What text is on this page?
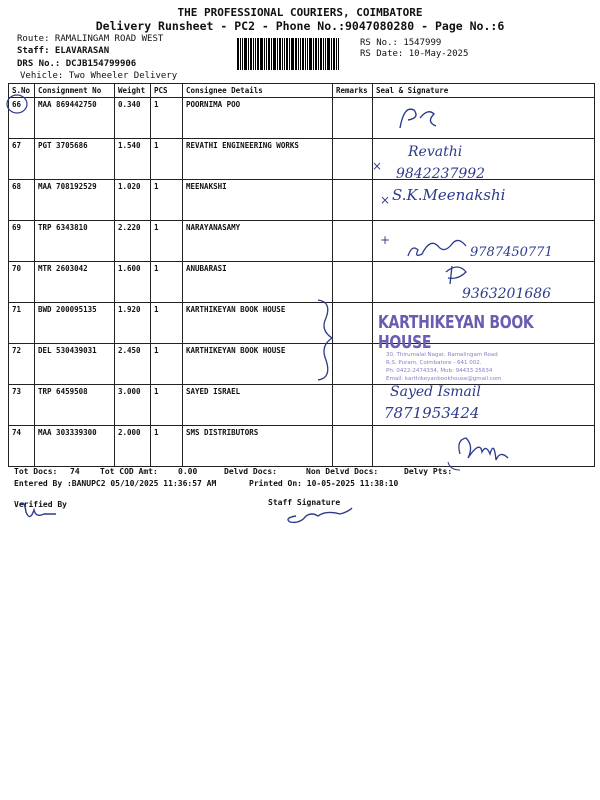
THE PROFESSIONAL COURIERS, COIMBATORE
Delivery Runsheet - PC2 - Phone No.:9047080280 - Page No.:6
Route: RAMALINGAM ROAD WEST
Staff: ELAVARASAN
DRS No.: DCJB154799906
Vehicle: Two Wheeler Delivery
RS No.: 1547999
RS Date: 10-May-2025
S.No	Consignment No	Weight	PCS	Consignee Details	Remarks	Seal & Signature
66	MAA 869442750	0.340	1	POORNIMA POO		
67	PGT 3705686	1.540	1	REVATHI ENGINEERING WORKS		
68	MAA 708192529	1.020	1	MEENAKSHI		
69	TRP 6343810	2.220	1	NARAYANASAMY		
70	MTR 2603042	1.600	1	ANUBARASI		
71	BWD 200095135	1.920	1	KARTHIKEYAN BOOK HOUSE		
72	DEL 530439031	2.450	1	KARTHIKEYAN BOOK HOUSE		
73	TRP 6459508	3.000	1	SAYED ISRAEL		
74	MAA 303339300	2.000	1	SMS DISTRIBUTORS		
Tot Docs: 74	Tot COD Amt:	0.00	Delvd Docs:	Non Delvd Docs:	Delvy Pts:
Entered By :BANUPC2 05/10/2025 11:36:57 AM	Printed On: 10-05-2025 11:38:10
Verified By	Staff Signature
KARTHIKEYAN BOOK HOUSE
30, Thirumalai Nagar, Ramalingam Road
R.S. Puram, Coimbatore - 641 002.
Ph: 0422-2474334, Mob: 94433 25634
Email: karthikeyanbookhouse@gmail.com
Revathi
9842237992
×
× S.K.Meenakshi
+
9787450771
9363201686
Sayed Ismail
7871953424
